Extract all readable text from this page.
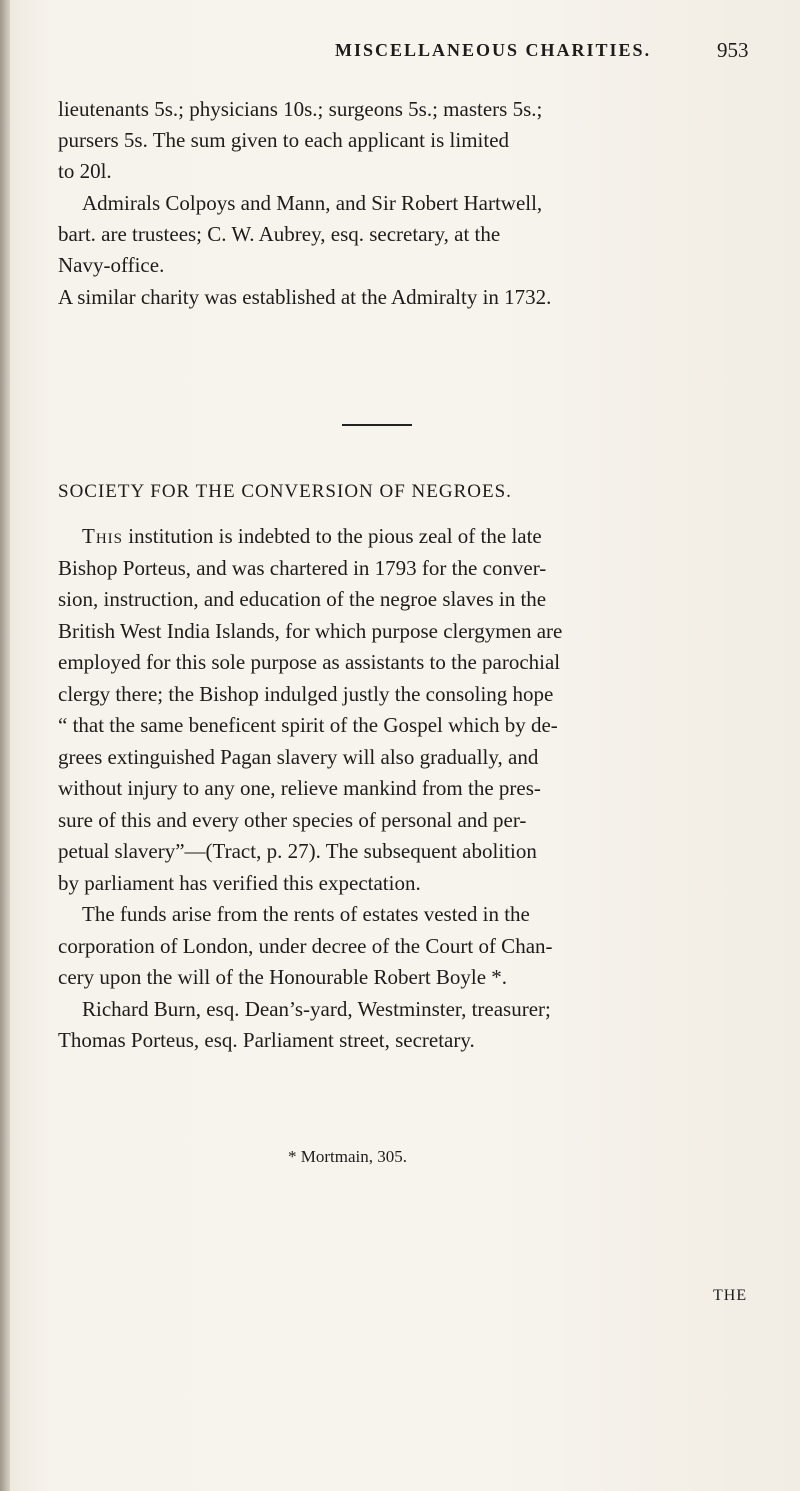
MISCELLANEOUS CHARITIES.	953
lieutenants 5s.; physicians 10s.; surgeons 5s.; masters 5s.;
pursers 5s. The sum given to each applicant is limited
to 20l.
Admirals Colpoys and Mann, and Sir Robert Hartwell,
bart. are trustees; C. W. Aubrey, esq. secretary, at the
Navy-office.
A similar charity was established at the Admiralty in 1732.
SOCIETY FOR THE CONVERSION OF NEGROES.
This institution is indebted to the pious zeal of the late
Bishop Porteus, and was chartered in 1793 for the conver-
sion, instruction, and education of the negroe slaves in the
British West India Islands, for which purpose clergymen are
employed for this sole purpose as assistants to the parochial
clergy there; the Bishop indulged justly the consoling hope
“ that the same beneficent spirit of the Gospel which by de-
grees extinguished Pagan slavery will also gradually, and
without injury to any one, relieve mankind from the pres-
sure of this and every other species of personal and per-
petual slavery”—(Tract, p. 27). The subsequent abolition
by parliament has verified this expectation.
The funds arise from the rents of estates vested in the
corporation of London, under decree of the Court of Chan-
cery upon the will of the Honourable Robert Boyle *.
Richard Burn, esq. Dean’s-yard, Westminster, treasurer;
Thomas Porteus, esq. Parliament street, secretary.
* Mortmain, 305.
THE
